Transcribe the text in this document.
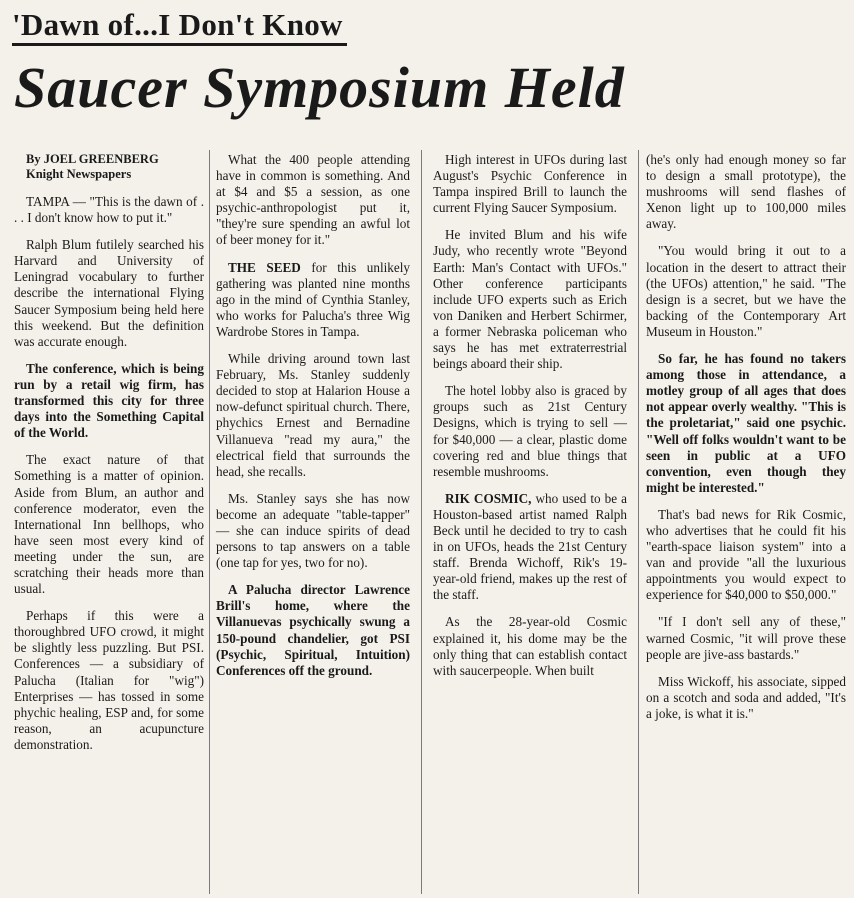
'Dawn of...I Don't Know
Saucer Symposium Held
By JOEL GREENBERG
Knight Newspapers

TAMPA — "This is the dawn of . . . I don't know how to put it."

Ralph Blum futilely searched his Harvard and University of Leningrad vocabulary to further describe the international Flying Saucer Symposium being held here this weekend. But the definition was accurate enough.

The conference, which is being run by a retail wig firm, has transformed this city for three days into the Something Capital of the World.

The exact nature of that Something is a matter of opinion. Aside from Blum, an author and conference moderator, even the International Inn bellhops, who have seen most every kind of meeting under the sun, are scratching their heads more than usual.

Perhaps if this were a thoroughbred UFO crowd, it might be slightly less puzzling. But PSI. Conferences — a subsidiary of Palucha (Italian for "wig") Enterprises — has tossed in some phychic healing, ESP and, for some reason, an acupuncture demonstration.

What the 400 people attending have in common is something. And at $4 and $5 a session, as one psychic-anthropologist put it, "they're sure spending an awful lot of beer money for it."

THE SEED for this unlikely gathering was planted nine months ago in the mind of Cynthia Stanley, who works for Palucha's three Wig Wardrobe Stores in Tampa.

While driving around town last February, Ms. Stanley suddenly decided to stop at Halarion House a now-defunct spiritual church. There, phychics Ernest and Bernadine Villanueva "read my aura," the electrical field that surrounds the head, she recalls.

Ms. Stanley says she has now become an adequate "table-tapper" — she can induce spirits of dead persons to tap answers on a table (one tap for yes, two for no).

A Palucha director Lawrence Brill's home, where the Villanuevas psychically swung a 150-pound chandelier, got PSI (Psychic, Spiritual, Intuition) Conferences off the ground.

High interest in UFOs during last August's Psychic Conference in Tampa inspired Brill to launch the current Flying Saucer Symposium.

He invited Blum and his wife Judy, who recently wrote "Beyond Earth: Man's Contact with UFOs." Other conference participants include UFO experts such as Erich von Daniken and Herbert Schirmer, a former Nebraska policeman who says he has met extraterrestrial beings aboard their ship.

The hotel lobby also is graced by groups such as 21st Century Designs, which is trying to sell — for $40,000 — a clear, plastic dome covering red and blue things that resemble mushrooms.

RIK COSMIC, who used to be a Houston-based artist named Ralph Beck until he decided to try to cash in on UFOs, heads the 21st Century staff. Brenda Wichoff, Rik's 19-year-old friend, makes up the rest of the staff.

As the 28-year-old Cosmic explained it, his dome may be the only thing that can establish contact with saucerpeople. When built

(he's only had enough money so far to design a small prototype), the mushrooms will send flashes of Xenon light up to 100,000 miles away.

"You would bring it out to a location in the desert to attract their (the UFOs) attention," he said. "The design is a secret, but we have the backing of the Contemporary Art Museum in Houston."

So far, he has found no takers among those in attendance, a motley group of all ages that does not appear overly wealthy. "This is the proletariat," said one psychic. "Well off folks wouldn't want to be seen in public at a UFO convention, even though they might be interested."

That's bad news for Rik Cosmic, who advertises that he could fit his "earth-space liaison system" into a van and provide "all the luxurious appointments you would expect to experience for $40,000 to $50,000."

"If I don't sell any of these," warned Cosmic, "it will prove these people are jive-ass bastards."

Miss Wickoff, his associate, sipped on a scotch and soda and added, "It's a joke, is what it is."
